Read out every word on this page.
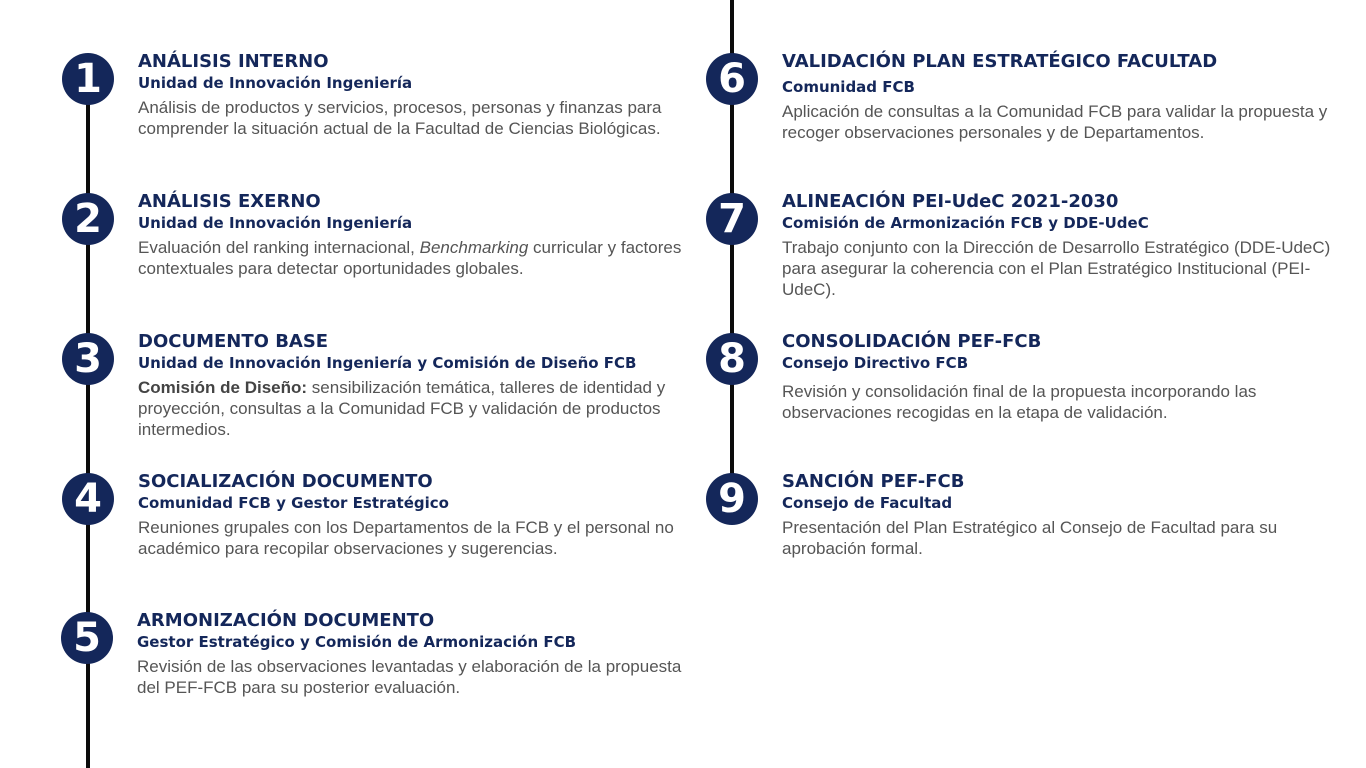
1	ANÁLISIS INTERNO
Unidad de Innovación Ingeniería
Análisis de productos y servicios, procesos, personas y finanzas para comprender la situación actual de la Facultad de Ciencias Biológicas.
2	ANÁLISIS EXERNO
Unidad de Innovación Ingeniería
Evaluación del ranking internacional, Benchmarking curricular y factores contextuales para detectar oportunidades globales.
3	DOCUMENTO BASE
Unidad de Innovación Ingeniería y Comisión de Diseño FCB
Comisión de Diseño: sensibilización temática, talleres de identidad y proyección, consultas a la Comunidad FCB y validación de productos intermedios.
4	SOCIALIZACIÓN DOCUMENTO
Comunidad FCB y Gestor Estratégico
Reuniones grupales con los Departamentos de la FCB y el personal no académico para recopilar observaciones y sugerencias.
5	ARMONIZACIÓN DOCUMENTO
Gestor Estratégico y Comisión de Armonización FCB
Revisión de las observaciones levantadas y elaboración de la propuesta del PEF-FCB para su posterior evaluación.
6	VALIDACIÓN PLAN ESTRATÉGICO FACULTAD
Comunidad FCB
Aplicación de consultas a la Comunidad FCB para validar la propuesta y recoger observaciones personales y de Departamentos.
7	ALINEACIÓN PEI-UdeC 2021-2030
Comisión de Armonización FCB y DDE-UdeC
Trabajo conjunto con la Dirección de Desarrollo Estratégico (DDE-UdeC) para asegurar la coherencia con el Plan Estratégico Institucional (PEI-UdeC).
8	CONSOLIDACIÓN PEF-FCB
Consejo Directivo FCB
Revisión y consolidación final de la propuesta incorporando las observaciones recogidas en la etapa de validación.
9	SANCIÓN PEF-FCB
Consejo de Facultad
Presentación del Plan Estratégico al Consejo de Facultad para su aprobación formal.
